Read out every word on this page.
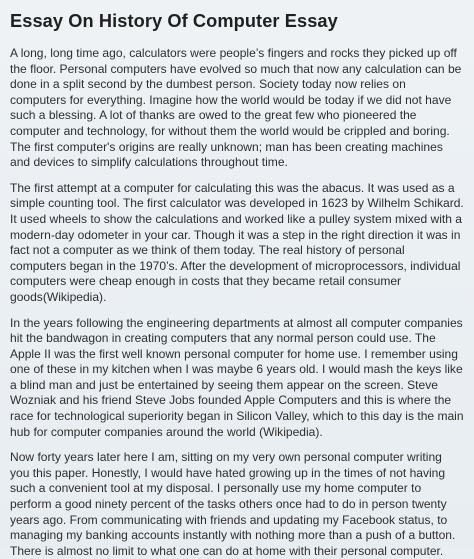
Essay On History Of Computer Essay

A long, long time ago, calculators were people’s fingers and rocks they picked up off the floor. Personal computers have evolved so much that now any calculation can be done in a split second by the dumbest person. Society today now relies on computers for everything. Imagine how the world would be today if we did not have such a blessing. A lot of thanks are owed to the great few who pioneered the computer and technology, for without them the world would be crippled and boring. The first computer's origins are really unknown; man has been creating machines and devices to simplify calculations throughout time.

The first attempt at a computer for calculating this was the abacus. It was used as a simple counting tool. The first calculator was developed in 1623 by Wilhelm Schikard. It used wheels to show the calculations and worked like a pulley system mixed with a modern-day odometer in your car. Though it was a step in the right direction it was in fact not a computer as we think of them today. The real history of personal computers began in the 1970’s. After the development of microprocessors, individual computers were cheap enough in costs that they became retail consumer goods(Wikipedia).

In the years following the engineering departments at almost all computer companies hit the bandwagon in creating computers that any normal person could use. The Apple II was the first well known personal computer for home use. I remember using one of these in my kitchen when I was maybe 6 years old. I would mash the keys like a blind man and just be entertained by seeing them appear on the screen. Steve Wozniak and his friend Steve Jobs founded Apple Computers and this is where the race for technological superiority began in Silicon Valley, which to this day is the main hub for computer companies around the world (Wikipedia).

Now forty years later here I am, sitting on my very own personal computer writing you this paper. Honestly, I would have hated growing up in the times of not having such a convenient tool at my disposal. I personally use my home computer to perform a good ninety percent of the tasks others once had to do in person twenty years ago. From communicating with friends and updating my Facebook status, to managing my banking accounts instantly with nothing more than a push of a button. There is almost no limit to what one can do at home with their personal computer.
